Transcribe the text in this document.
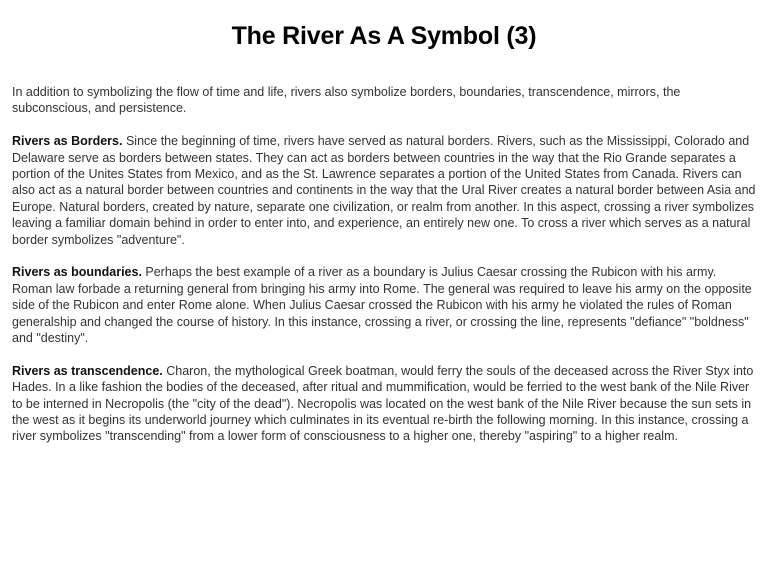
The River As A Symbol (3)

In addition to symbolizing the flow of time and life, rivers also symbolize borders, boundaries, transcendence, mirrors, the subconscious, and persistence.

Rivers as Borders. Since the beginning of time, rivers have served as natural borders. Rivers, such as the Mississippi, Colorado and Delaware serve as borders between states. They can act as borders between countries in the way that the Rio Grande separates a portion of the Unites States from Mexico, and as the St. Lawrence separates a portion of the United States from Canada. Rivers can also act as a natural border between countries and continents in the way that the Ural River creates a natural border between Asia and Europe. Natural borders, created by nature, separate one civilization, or realm from another. In this aspect, crossing a river symbolizes leaving a familiar domain behind in order to enter into, and experience, an entirely new one. To cross a river which serves as a natural border symbolizes "adventure".

Rivers as boundaries. Perhaps the best example of a river as a boundary is Julius Caesar crossing the Rubicon with his army. Roman law forbade a returning general from bringing his army into Rome. The general was required to leave his army on the opposite side of the Rubicon and enter Rome alone. When Julius Caesar crossed the Rubicon with his army he violated the rules of Roman generalship and changed the course of history. In this instance, crossing a river, or crossing the line, represents "defiance" "boldness" and "destiny".

Rivers as transcendence. Charon, the mythological Greek boatman, would ferry the souls of the deceased across the River Styx into Hades. In a like fashion the bodies of the deceased, after ritual and mummification, would be ferried to the west bank of the Nile River to be interned in Necropolis (the "city of the dead"). Necropolis was located on the west bank of the Nile River because the sun sets in the west as it begins its underworld journey which culminates in its eventual re-birth the following morning. In this instance, crossing a river symbolizes "transcending" from a lower form of consciousness to a higher one, thereby "aspiring" to a higher realm.
